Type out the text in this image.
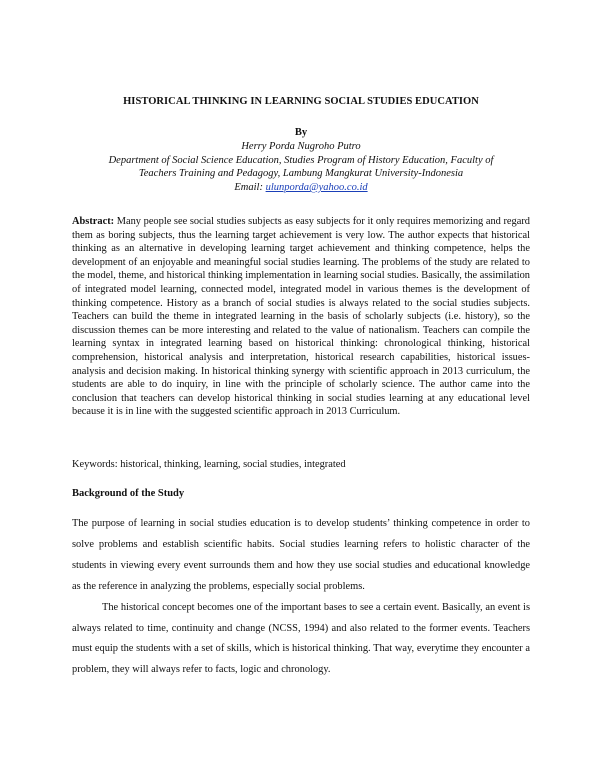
HISTORICAL THINKING IN LEARNING SOCIAL STUDIES EDUCATION
By
Herry Porda Nugroho Putro
Department of Social Science Education, Studies Program of History Education, Faculty of
Teachers Training and Pedagogy, Lambung Mangkurat University-Indonesia
Email: ulunporda@yahoo.co.id
Abstract: Many people see social studies subjects as easy subjects for it only requires memorizing and regard them as boring subjects, thus the learning target achievement is very low. The author expects that historical thinking as an alternative in developing learning target achievement and thinking competence, helps the development of an enjoyable and meaningful social studies learning. The problems of the study are related to the model, theme, and historical thinking implementation in learning social studies. Basically, the assimilation of integrated model learning, connected model, integrated model in various themes is the development of thinking competence. History as a branch of social studies is always related to the social studies subjects. Teachers can build the theme in integrated learning in the basis of scholarly subjects (i.e. history), so the discussion themes can be more interesting and related to the value of nationalism. Teachers can compile the learning syntax in integrated learning based on historical thinking: chronological thinking, historical comprehension, historical analysis and interpretation, historical research capabilities, historical issues-analysis and decision making. In historical thinking synergy with scientific approach in 2013 curriculum, the students are able to do inquiry, in line with the principle of scholarly science. The author came into the conclusion that teachers can develop historical thinking in social studies learning at any educational level because it is in line with the suggested scientific approach in 2013 Curriculum.
Keywords: historical, thinking, learning, social studies, integrated
Background of the Study

The purpose of learning in social studies education is to develop students’ thinking competence in order to solve problems and establish scientific habits. Social studies learning refers to holistic character of the students in viewing every event surrounds them and how they use social studies and educational knowledge as the reference in analyzing the problems, especially social problems.

The historical concept becomes one of the important bases to see a certain event. Basically, an event is always related to time, continuity and change (NCSS, 1994) and also related to the former events. Teachers must equip the students with a set of skills, which is historical thinking. That way, everytime they encounter a problem, they will always refer to facts, logic and chronology.
